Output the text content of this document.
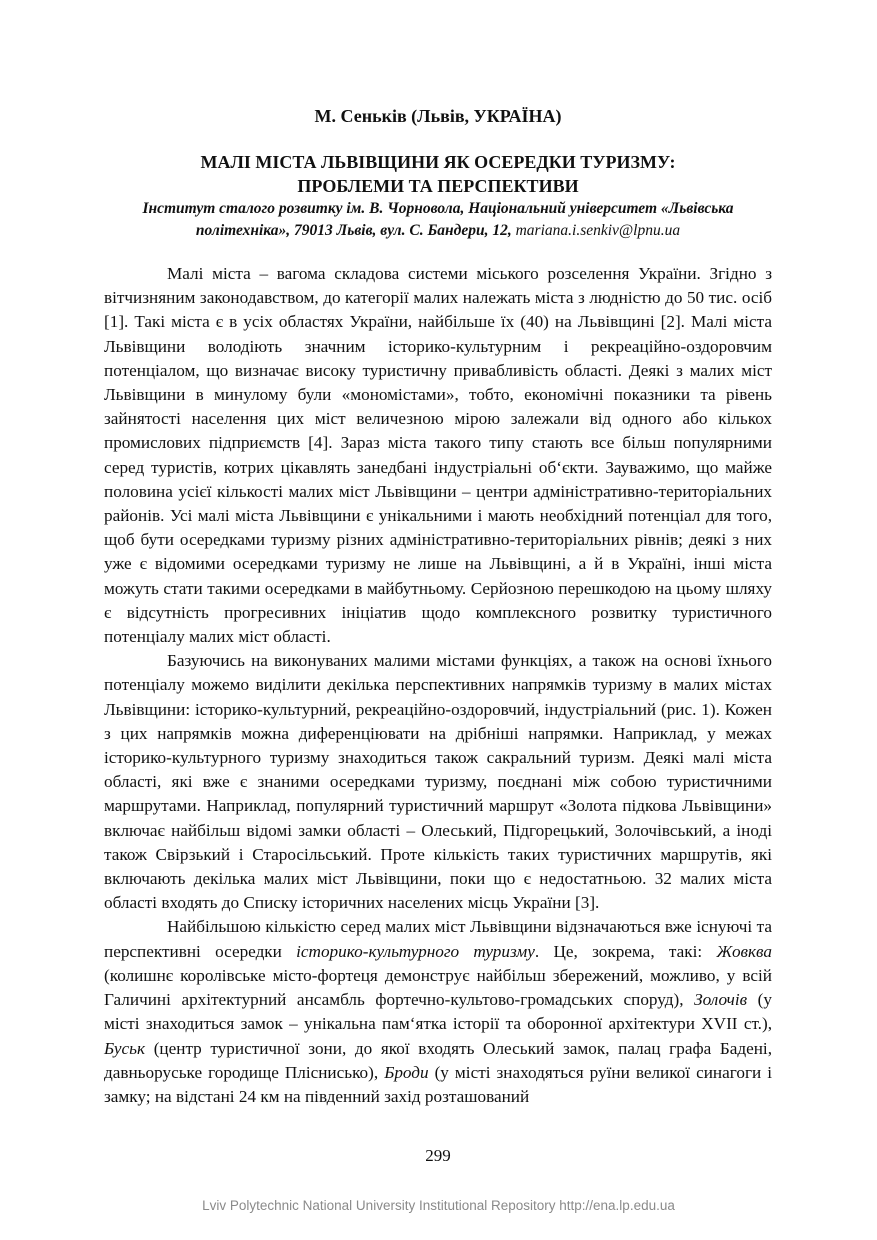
М. Сеньків (Львів, УКРАЇНА)
МАЛІ МІСТА ЛЬВІВЩИНИ ЯК ОСЕРЕДКИ ТУРИЗМУ:
ПРОБЛЕМИ ТА ПЕРСПЕКТИВИ
Інститут сталого розвитку ім. В. Чорновола, Національний університет «Львівська
політехніка», 79013 Львів, вул. С. Бандери, 12, mariana.i.senkiv@lpnu.ua

Малі міста – вагома складова системи міського розселення України. Згідно з вітчизняним законодавством, до категорії малих належать міста з людністю до 50 тис. осіб [1]. Такі міста є в усіх областях України, найбільше їх (40) на Львівщині [2]. Малі міста Львівщини володіють значним історико-культурним і рекреаційно-оздоровчим потенціалом, що визначає високу туристичну привабливість області. Деякі з малих міст Львівщини в минулому були «мономістами», тобто, економічні показники та рівень зайнятості населення цих міст величезною мірою залежали від одного або кількох промислових підприємств [4]. Зараз міста такого типу стають все більш популярними серед туристів, котрих цікавлять занедбані індустріальні об‘єкти. Зауважимо, що майже половина усієї кількості малих міст Львівщини – центри адміністративно-територіальних районів. Усі малі міста Львівщини є унікальними і мають необхідний потенціал для того, щоб бути осередками туризму різних адміністративно-територіальних рівнів; деякі з них уже є відомими осередками туризму не лише на Львівщині, а й в Україні, інші міста можуть стати такими осередками в майбутньому. Серйозною перешкодою на цьому шляху є відсутність прогресивних ініціатив щодо комплексного розвитку туристичного потенціалу малих міст області.

Базуючись на виконуваних малими містами функціях, а також на основі їхнього потенціалу можемо виділити декілька перспективних напрямків туризму в малих містах Львівщини: історико-культурний, рекреаційно-оздоровчий, індустріальний (рис. 1). Кожен з цих напрямків можна диференціювати на дрібніші напрямки. Наприклад, у межах історико-культурного туризму знаходиться також сакральний туризм. Деякі малі міста області, які вже є знаними осередками туризму, поєднані між собою туристичними маршрутами. Наприклад, популярний туристичний маршрут «Золота підкова Львівщини» включає найбільш відомі замки області – Олеський, Підгорецький, Золочівський, а іноді також Свірзький і Старосільський. Проте кількість таких туристичних маршрутів, які включають декілька малих міст Львівщини, поки що є недостатньою. 32 малих міста області входять до Списку історичних населених місць України [3].

Найбільшою кількістю серед малих міст Львівщини відзначаються вже існуючі та перспективні осередки історико-культурного туризму. Це, зокрема, такі: Жовква (колишнє королівське місто-фортеця демонструє найбільш збережений, можливо, у всій Галичині архітектурний ансамбль фортечно-культово-громадських споруд), Золочів (у місті знаходиться замок – унікальна пам‘ятка історії та оборонної архітектури XVII ст.), Буськ (центр туристичної зони, до якої входять Олеський замок, палац графа Бадені, давньоруське городище Пліснисько), Броди (у місті знаходяться руїни великої синагоги і замку; на відстані 24 км на південний захід розташований

299
Lviv Polytechnic National University Institutional Repository http://ena.lp.edu.ua
